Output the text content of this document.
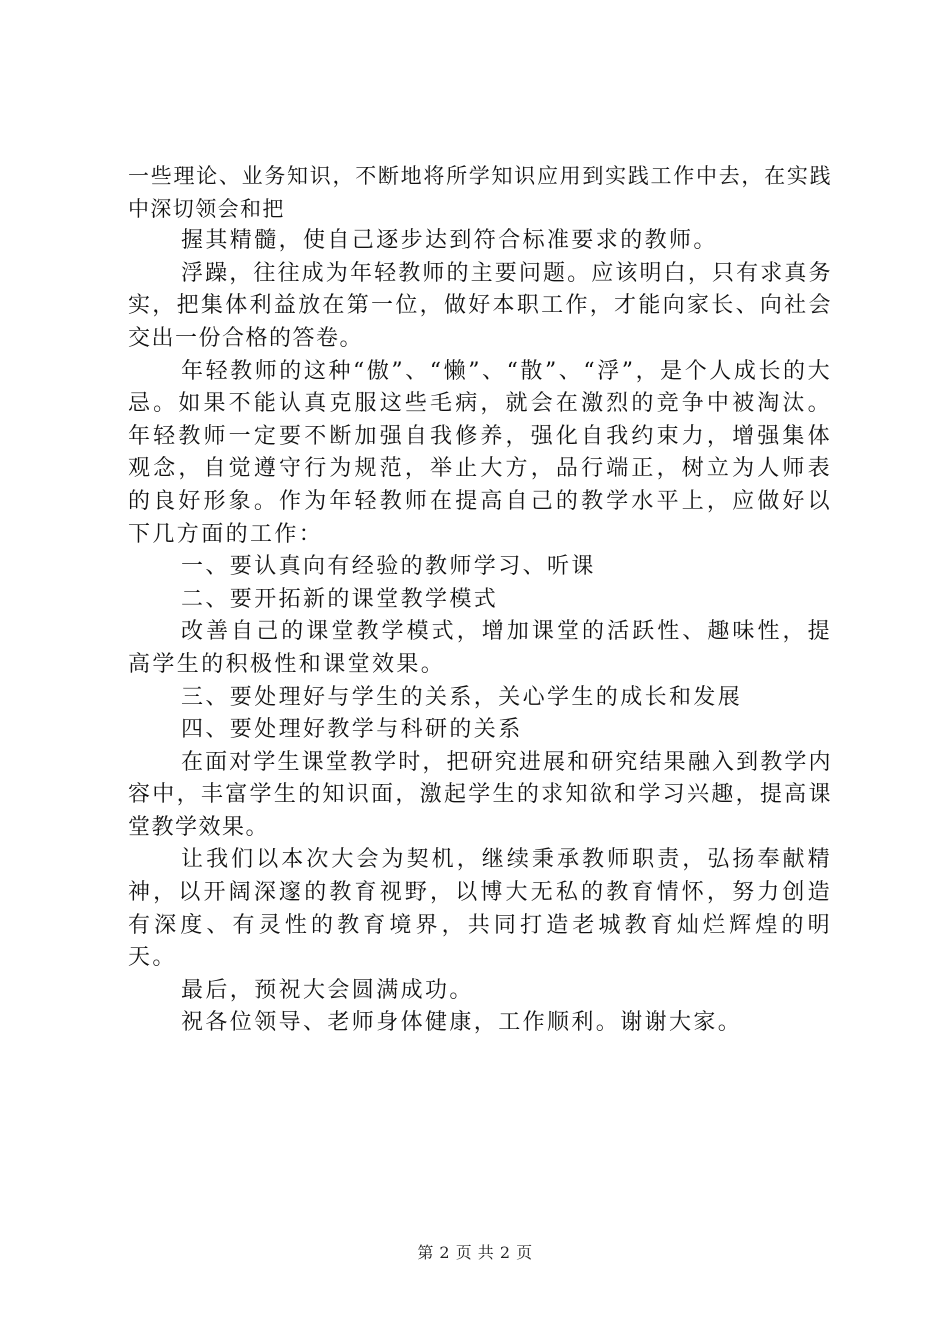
一些理论、业务知识，不断地将所学知识应用到实践工作中去，在实践中深切领会和把

握其精髓，使自己逐步达到符合标准要求的教师。

浮躁，往往成为年轻教师的主要问题。应该明白，只有求真务实，把集体利益放在第一位，做好本职工作，才能向家长、向社会交出一份合格的答卷。

年轻教师的这种“傲”、“懒”、“散”、“浮”，是个人成长的大忌。如果不能认真克服这些毛病，就会在激烈的竞争中被淘汰。年轻教师一定要不断加强自我修养，强化自我约束力，增强集体观念，自觉遵守行为规范，举止大方，品行端正，树立为人师表的良好形象。作为年轻教师在提高自己的教学水平上，应做好以下几方面的工作：

一、要认真向有经验的教师学习、听课

二、要开拓新的课堂教学模式

改善自己的课堂教学模式，增加课堂的活跃性、趣味性，提高学生的积极性和课堂效果。

三、要处理好与学生的关系，关心学生的成长和发展

四、要处理好教学与科研的关系

在面对学生课堂教学时，把研究进展和研究结果融入到教学内容中，丰富学生的知识面，激起学生的求知欲和学习兴趣，提高课堂教学效果。

让我们以本次大会为契机，继续秉承教师职责，弘扬奉献精神，以开阔深邃的教育视野，以博大无私的教育情怀，努力创造有深度、有灵性的教育境界，共同打造老城教育灿烂辉煌的明天。

最后，预祝大会圆满成功。

祝各位领导、老师身体健康，工作顺利。谢谢大家。

第 2 页 共 2 页
